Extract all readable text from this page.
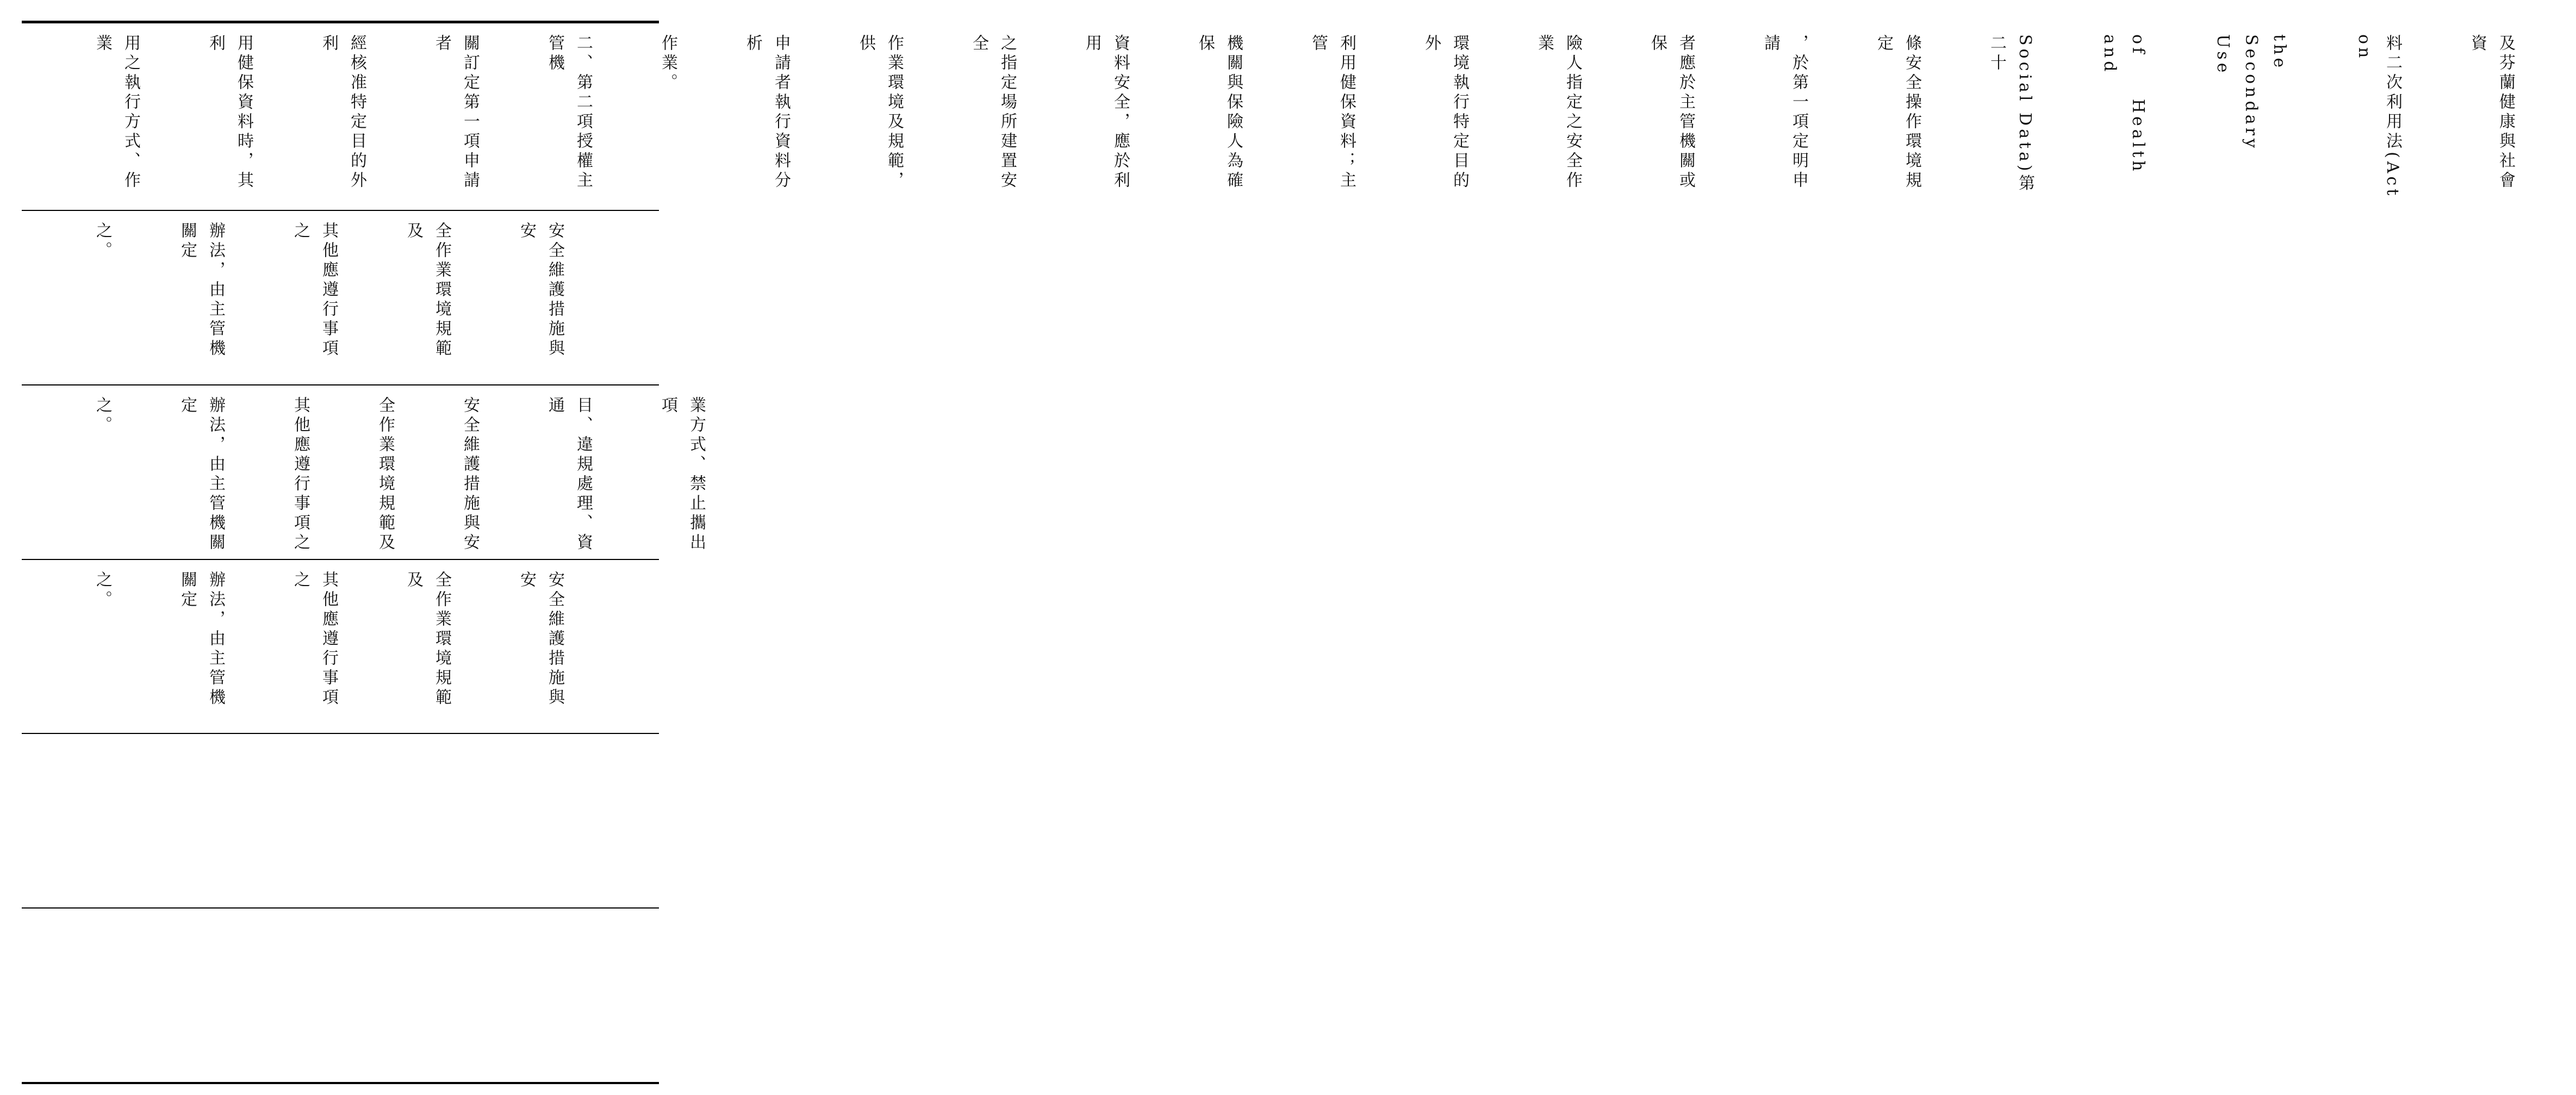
及芬蘭健康與社會資

料二次利用法(Act on

the   Secondary   Use

of     Health     and

Social Data)第二十

條安全操作環境規定

，於第一項定明申請

者應於主管機關或保

險人指定之安全作業

環境執行特定目的外

利用健保資料；主管

機關與保險人為確保

資料安全，應於利用

之指定場所建置安全

作業環境及規範，供

申請者執行資料分析

作業。

二、第二項授權主管機

關訂定第一項申請者

經核准特定目的外利

用健保資料時，其利

用之執行方式、作業

安全維護措施與安

全作業環境規範及

其他應遵行事項之

辦法，由主管機關定

之。

業方式、禁止攜出項

目、違規處理、資通

安全維護措施與安

全作業環境規範及

其他應遵行事項之

辦法，由主管機關定

之。

安全維護措施與安

全作業環境規範及

其他應遵行事項之

辦法，由主管機關定

之。
